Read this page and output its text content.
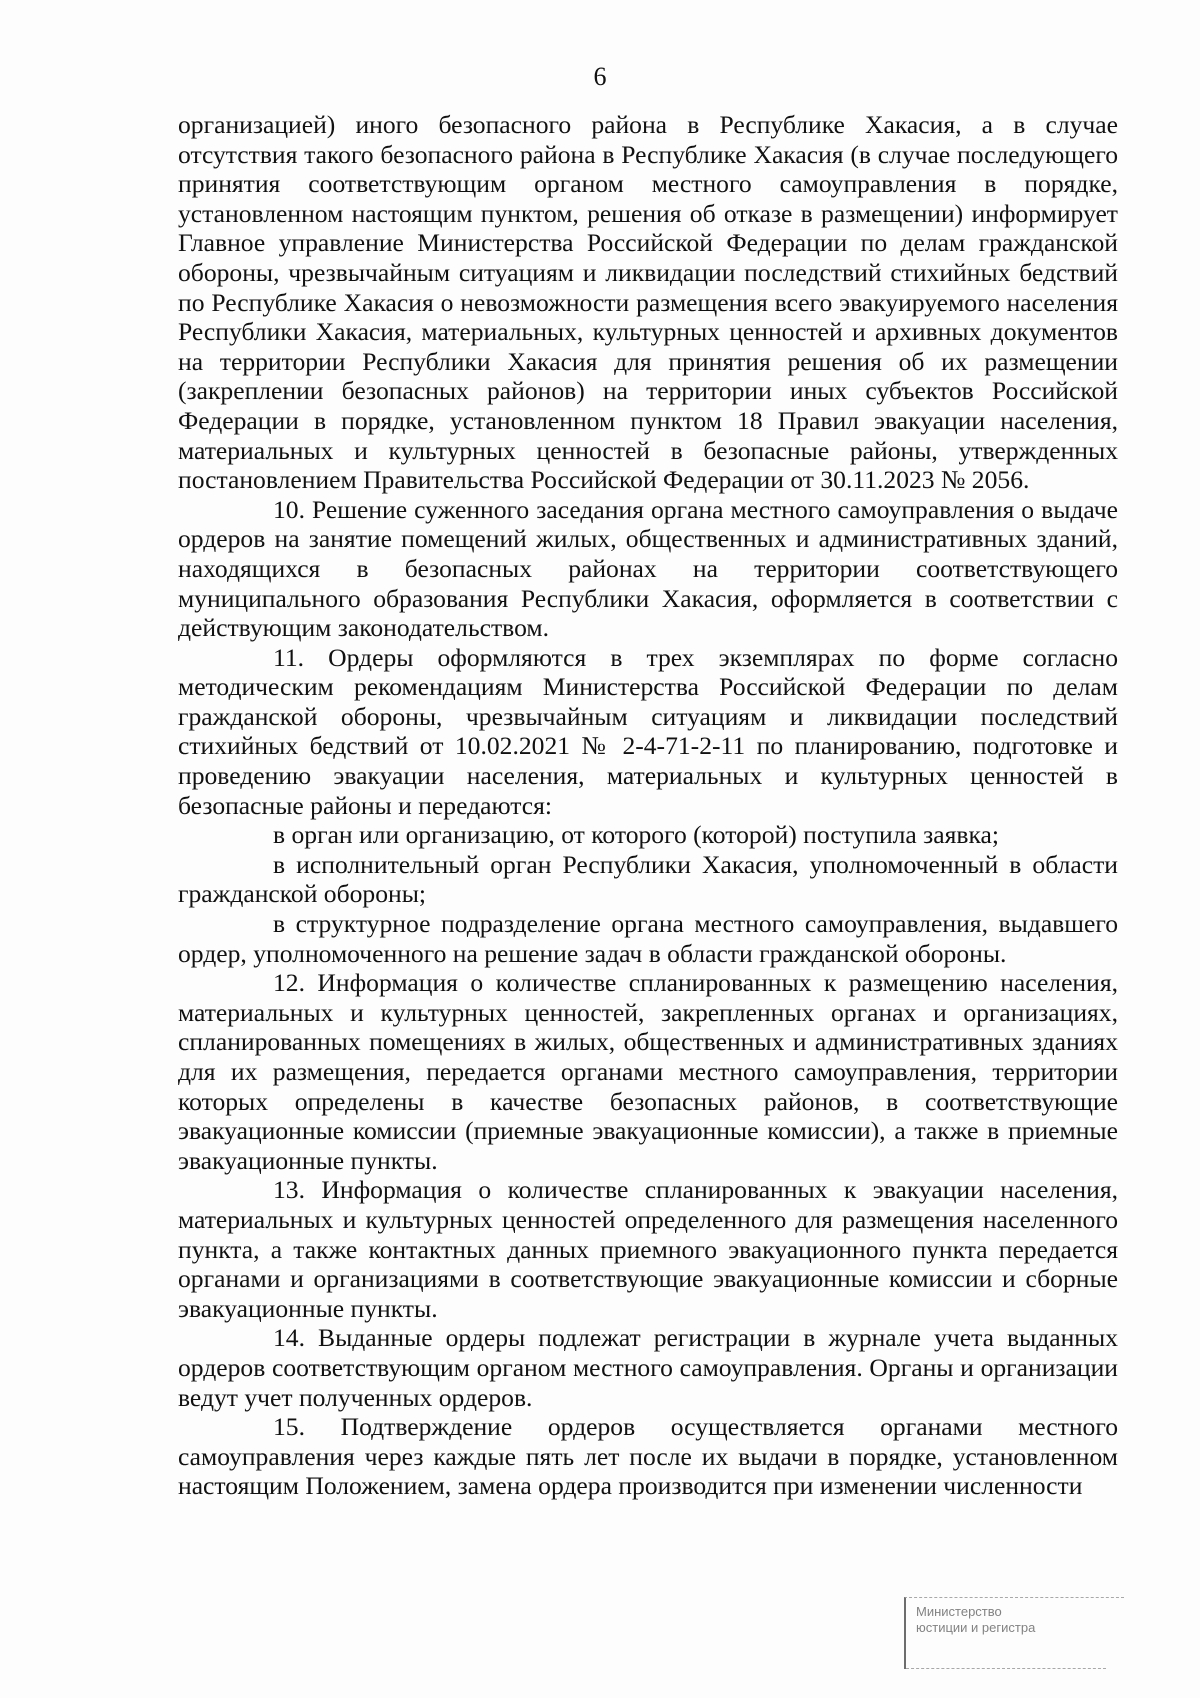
6

организацией) иного безопасного района в Республике Хакасия, а в случае отсутствия такого безопасного района в Республике Хакасия (в случае последующего принятия соответствующим органом местного самоуправления в порядке, установленном настоящим пунктом, решения об отказе в размещении) информирует Главное управление Министерства Российской Федерации по делам гражданской обороны, чрезвычайным ситуациям и ликвидации последствий стихийных бедствий по Республике Хакасия о невозможности размещения всего эвакуируемого населения Республики Хакасия, материальных, культурных ценностей и архивных документов на территории Республики Хакасия для принятия решения об их размещении (закреплении безопасных районов) на территории иных субъектов Российской Федерации в порядке, установленном пунктом 18 Правил эвакуации населения, материальных и культурных ценностей в безопасные районы, утвержденных постановлением Правительства Российской Федерации от 30.11.2023 № 2056.

10. Решение суженного заседания органа местного самоуправления о выдаче ордеров на занятие помещений жилых, общественных и административных зданий, находящихся в безопасных районах на территории соответствующего муниципального образования Республики Хакасия, оформляется в соответствии с действующим законодательством.

11. Ордеры оформляются в трех экземплярах по форме согласно методическим рекомендациям Министерства Российской Федерации по делам гражданской обороны, чрезвычайным ситуациям и ликвидации последствий стихийных бедствий от 10.02.2021 № 2-4-71-2-11 по планированию, подготовке и проведению эвакуации населения, материальных и культурных ценностей в безопасные районы и передаются:

в орган или организацию, от которого (которой) поступила заявка;

в исполнительный орган Республики Хакасия, уполномоченный в области гражданской обороны;

в структурное подразделение органа местного самоуправления, выдавшего ордер, уполномоченного на решение задач в области гражданской обороны.

12. Информация о количестве спланированных к размещению населения, материальных и культурных ценностей, закрепленных органах и организациях, спланированных помещениях в жилых, общественных и административных зданиях для их размещения, передается органами местного самоуправления, территории которых определены в качестве безопасных районов, в соответствующие эвакуационные комиссии (приемные эвакуационные комиссии), а также в приемные эвакуационные пункты.

13. Информация о количестве спланированных к эвакуации населения, материальных и культурных ценностей определенного для размещения населенного пункта, а также контактных данных приемного эвакуационного пункта передается органами и организациями в соответствующие эвакуационные комиссии и сборные эвакуационные пункты.

14. Выданные ордеры подлежат регистрации в журнале учета выданных ордеров соответствующим органом местного самоуправления. Органы и организации ведут учет полученных ордеров.

15. Подтверждение ордеров осуществляется органами местного самоуправления через каждые пять лет после их выдачи в порядке, установленном настоящим Положением, замена ордера производится при изменении численности

Министерство
юстиции и регистра
